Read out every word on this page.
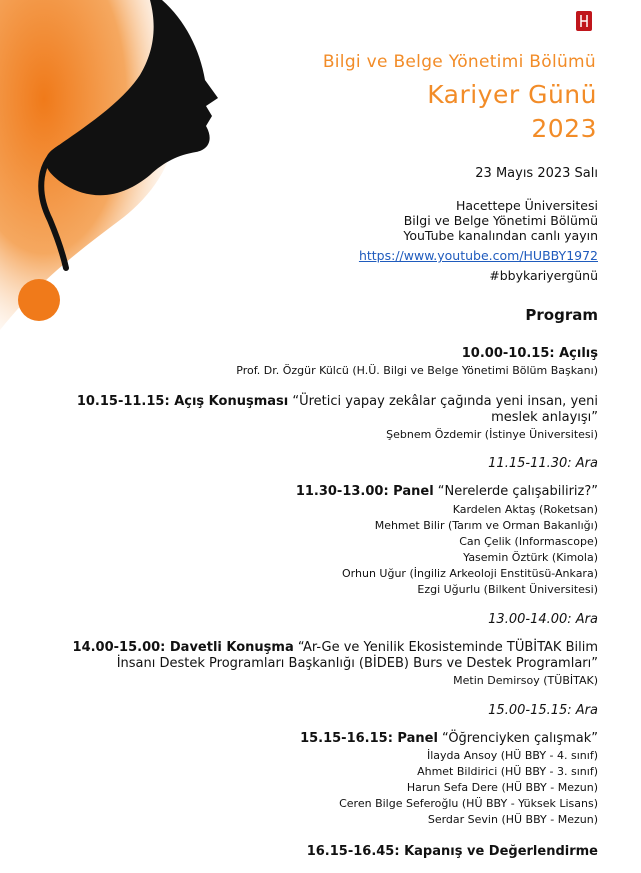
Bilgi ve Belge Yönetimi Bölümü
Kariyer Günü
2023
23 Mayıs 2023 Salı
Hacettepe Üniversitesi
Bilgi ve Belge Yönetimi Bölümü
YouTube kanalından canlı yayın
https://www.youtube.com/HUBBY1972
#bbykariyergünü
Program
10.00-10.15: Açılış
Prof. Dr. Özgür Külcü (H.Ü. Bilgi ve Belge Yönetimi Bölüm Başkanı)
10.15-11.15: Açış Konuşması “Üretici yapay zekâlar çağında yeni insan, yeni
meslek anlayışı”
Şebnem Özdemir (İstinye Üniversitesi)
11.15-11.30: Ara
11.30-13.00: Panel “Nerelerde çalışabiliriz?”
Kardelen Aktaş (Roketsan)
Mehmet Bilir (Tarım ve Orman Bakanlığı)
Can Çelik (Informascope)
Yasemin Öztürk (Kimola)
Orhun Uğur (İngiliz Arkeoloji Enstitüsü-Ankara)
Ezgi Uğurlu (Bilkent Üniversitesi)
13.00-14.00: Ara
14.00-15.00: Davetli Konuşma “Ar-Ge ve Yenilik Ekosisteminde TÜBİTAK Bilim
İnsanı Destek Programları Başkanlığı (BİDEB) Burs ve Destek Programları”
Metin Demirsoy (TÜBİTAK)
15.00-15.15: Ara
15.15-16.15: Panel “Öğrenciyken çalışmak”
İlayda Ansoy (HÜ BBY - 4. sınıf)
Ahmet Bildirici (HÜ BBY - 3. sınıf)
Harun Sefa Dere (HÜ BBY - Mezun)
Ceren Bilge Seferoğlu (HÜ BBY - Yüksek Lisans)
Serdar Sevin (HÜ BBY - Mezun)
16.15-16.45: Kapanış ve Değerlendirme
